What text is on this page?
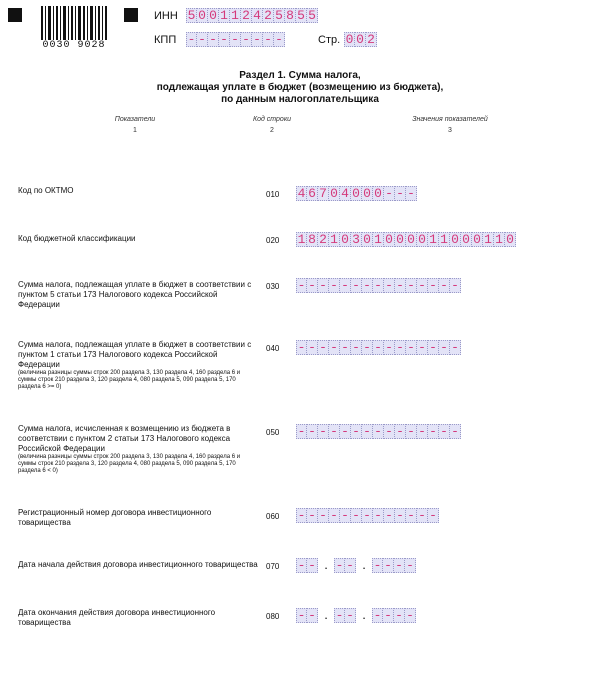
0030 9028
ИНН 5 0 0 1 1 2 4 2 5 8 5 5
КПП - - - - - - - - -	Стр. 0 0 2
Раздел 1. Сумма налога,
подлежащая уплате в бюджет (возмещению из бюджета),
по данным налогоплательщика
Показатели
1
Код строки
2
Значения показателей
3
Код по ОКТМО	010 4 6 7 0 4 0 0 0 - - -
Код бюджетной классификации	020 1 8 2 1 0 3 0 1 0 0 0 0 1 1 0 0 0 1 1 0
Сумма налога, подлежащая уплате в бюджет в соответствии с пунктом 5 статьи 173 Налогового кодекса Российской Федерации
030 - - - - - - - - - - - - - - -
Сумма налога, подлежащая уплате в бюджет в соответствии с пунктом 1 статьи 173 Налогового кодекса Российской Федерации
(величина разницы суммы строк 200 раздела 3, 130 раздела 4, 160 раздела 6 и суммы строк 210 раздела 3, 120 раздела 4, 080 раздела 5, 090 раздела 5, 170 раздела 6 >= 0)
040 - - - - - - - - - - - - - - -
Сумма налога, исчисленная к возмещению из бюджета в соответствии с пунктом 2 статьи 173 Налогового кодекса Российской Федерации
(величина разницы суммы строк 200 раздела 3, 130 раздела 4, 160 раздела 6 и суммы строк 210 раздела 3, 120 раздела 4, 080 раздела 5, 090 раздела 5, 170 раздела 6 < 0)
050 - - - - - - - - - - - - - - -
Регистрационный номер договора инвестиционного товарищества
060 - - - - - - - - - - - - -
Дата начала действия договора инвестиционного товарищества 070 - - . - - . - - - -
Дата окончания действия договора инвестиционного товарищества
080 - - . - - . - - - -
